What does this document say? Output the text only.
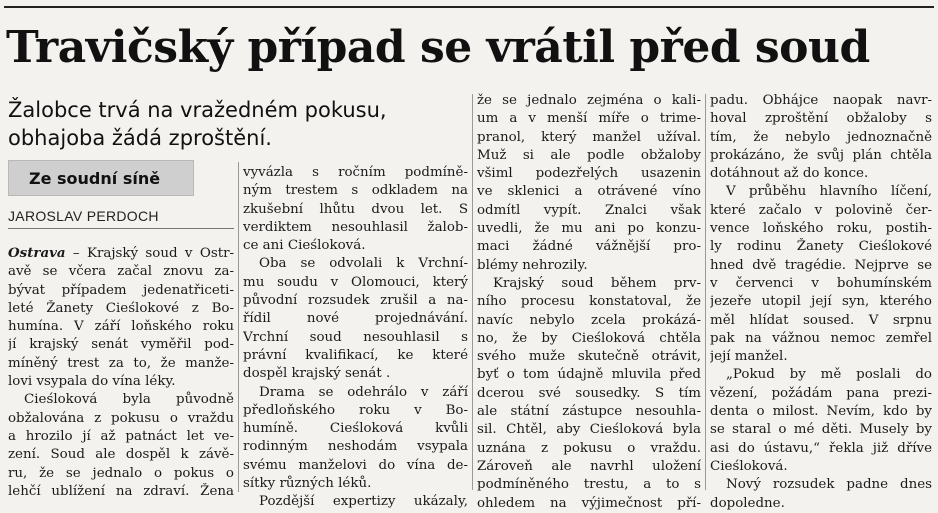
Travičský případ se vrátil před soud
Žalobce trvá na vražedném pokusu,
obhajoba žádá zproštění.
Ze soudní síně
JAROSLAV PERDOCH
Ostrava – Krajský soud v Ostr-
avě se včera začal znovu za-
bývat případem jedenatřiceti-
leté Žanety Cieślokové z Bo-
humína. V září loňského roku
jí krajský senát vyměřil pod-
míněný trest za to, že manže-
lovi vsypala do vína léky.
Cieśloková byla původně
obžalována z pokusu o vraždu
a hrozilo jí až patnáct let ve-
zení. Soud ale dospěl k závě-
ru, že se jednalo o pokus o
lehčí ublížení na zdraví. Žena
vyvázla s ročním podmíně-
ným trestem s odkladem na
zkušební lhůtu dvou let. S
verdiktem nesouhlasil žalob-
ce ani Cieśloková.
Oba se odvolali k Vrchní-
mu soudu v Olomouci, který
původní rozsudek zrušil a na-
řídil nové projednávání.
Vrchní soud nesouhlasil s
právní kvalifikací, ke které
dospěl krajský senát .
Drama se odehrálo v září
předloňského roku v Bo-
humíně. Cieśloková kvůli
rodinným neshodám vsypala
svému manželovi do vína de-
sítky různých léků.
Pozdější expertizy ukázaly,
že se jednalo zejména o kali-
um a v menší míře o trime-
pranol, který manžel užíval.
Muž si ale podle obžaloby
všiml podezřelých usazenin
ve sklenici a otrávené víno
odmítl vypít. Znalci však
uvedli, že mu ani po konzu-
maci žádné vážnější pro-
blémy nehrozily.
Krajský soud během prv-
ního procesu konstatoval, že
navíc nebylo zcela prokázá-
no, že by Cieśloková chtěla
svého muže skutečně otrávit,
byť o tom údajně mluvila před
dcerou své sousedky. S tím
ale státní zástupce nesouhla-
sil. Chtěl, aby Cieśloková byla
uznána z pokusu o vraždu.
Zároveň ale navrhl uložení
podmíněného trestu, a to s
ohledem na výjimečnost pří-
padu. Obhájce naopak navr-
hoval zproštění obžaloby s
tím, že nebylo jednoznačně
prokázáno, že svůj plán chtěla
dotáhnout až do konce.
V průběhu hlavního líčení,
které začalo v polovině čer-
vence loňského roku, postih-
ly rodinu Žanety Cieślokové
hned dvě tragédie. Nejprve se
v červenci v bohumínském
jezeře utopil její syn, kterého
měl hlídat soused. V srpnu
pak na vážnou nemoc zemřel
její manžel.
„Pokud by mě poslali do
vězení, požádám pana prezi-
denta o milost. Nevím, kdo by
se staral o mé děti. Musely by
asi do ústavu,“ řekla již dříve
Cieśloková.
Nový rozsudek padne dnes
dopoledne.
